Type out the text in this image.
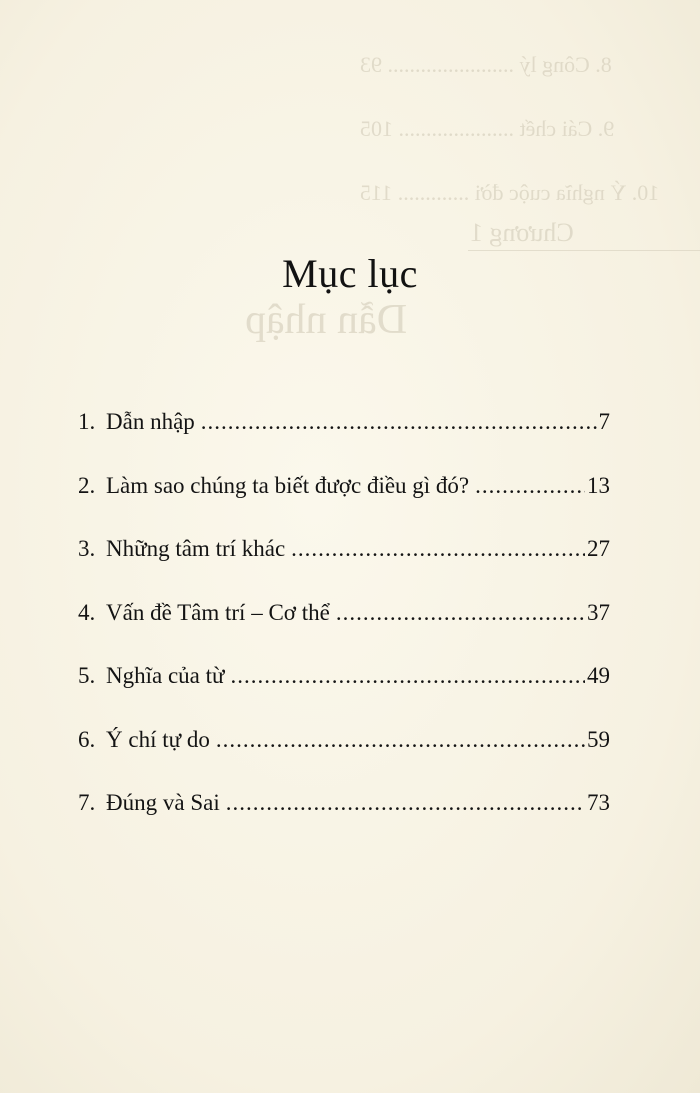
8. Công lý ....................... 93
9. Cái chết ..................... 105
10. Ý nghĩa cuộc đời ............. 115
Chương 1
Dẫn nhập
Mục lục
1. Dẫn nhập .....	7
2. Làm sao chúng ta biết được điều gì đó? .....	13
3. Những tâm trí khác .....	27
4. Vấn đề Tâm trí – Cơ thể .....	37
5. Nghĩa của từ .....	49
6. Ý chí tự do .....	59
7. Đúng và Sai .....	73
